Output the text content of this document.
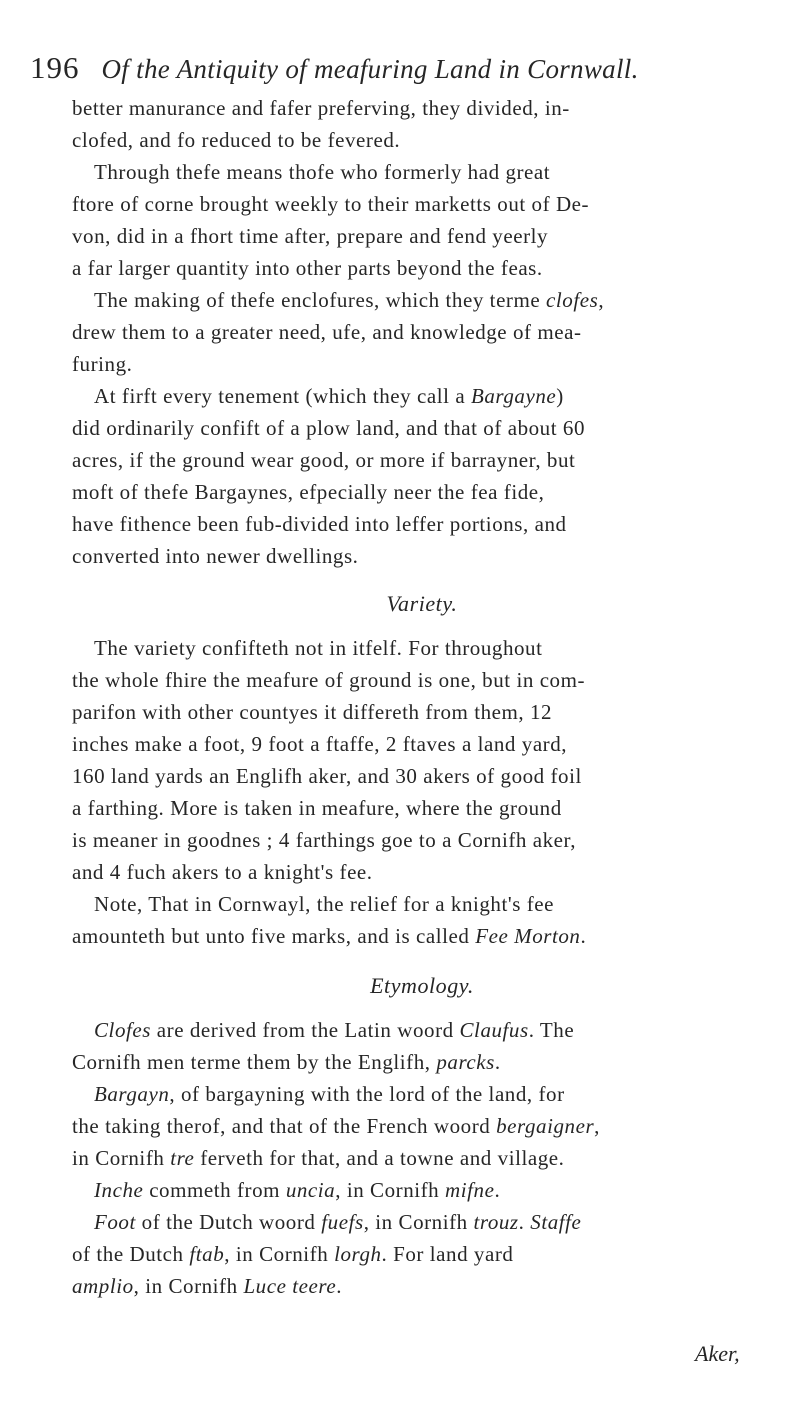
196 Of the Antiquity of meafuring Land in Cornwall.

better manurance and fafer preferving, they divided, in-
clofed, and fo reduced to be fevered.

Through thefe means thofe who formerly had great
ftore of corne brought weekly to their marketts out of De-
von, did in a fhort time after, prepare and fend yeerly
a far larger quantity into other parts beyond the feas.

The making of thefe enclofures, which they terme clofes,
drew them to a greater need, ufe, and knowledge of mea-
furing.

At firft every tenement (which they call a Bargayne)
did ordinarily confift of a plow land, and that of about 60
acres, if the ground wear good, or more if barrayner, but
moft of thefe Bargaynes, efpecially neer the fea fide,
have fithence been fub-divided into leffer portions, and
converted into newer dwellings.

Variety.

The variety confifteth not in itfelf. For throughout
the whole fhire the meafure of ground is one, but in com-
parifon with other countyes it differeth from them, 12
inches make a foot, 9 foot a ftaffe, 2 ftaves a land yard,
160 land yards an Englifh aker, and 30 akers of good foil
a farthing. More is taken in meafure, where the ground
is meaner in goodnes ; 4 farthings goe to a Cornifh aker,
and 4 fuch akers to a knight's fee.

Note, That in Cornwayl, the relief for a knight's fee
amounteth but unto five marks, and is called Fee Morton.

Etymology.

Clofes are derived from the Latin woord Claufus. The
Cornifh men terme them by the Englifh, parcks.

Bargayn, of bargayning with the lord of the land, for
the taking therof, and that of the French woord bergaigner,
in Cornifh tre ferveth for that, and a towne and village.

Inche commeth from uncia, in Cornifh mifne.

Foot of the Dutch woord fuefs, in Cornifh trouz. Staffe
of the Dutch ftab, in Cornifh lorgh. For land yard
amplio, in Cornifh Luce teere.

Aker,
